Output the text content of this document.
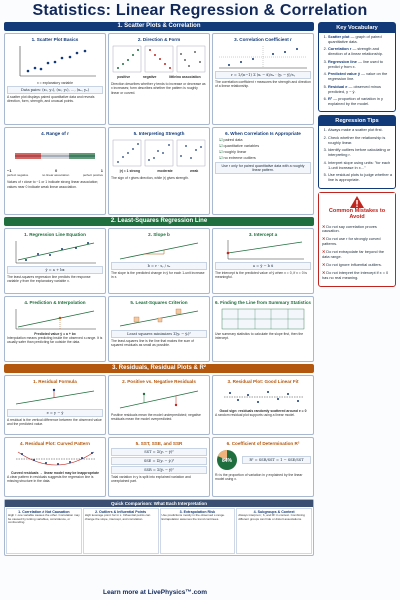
Statistics: Linear Regression & Correlation
1. Scatter Plots & Correlation
1. Scatter Plot Basics
x = explanatory variable
Data pairs: (x₁, y₁), (x₂, y₂), …, (xₙ, yₙ)
A scatter plot displays paired quantitative data and reveals direction, form, strength, and unusual points.
2. Direction & Form
positive	negative	little/no association
Direction describes whether y tends to increase or decrease as x increases; form describes whether the pattern is roughly linear or curved.
3. Correlation Coefficient r
r = 1/(n−1) Σ (xᵢ − x̄)/sₓ · (yᵢ − ȳ)/sᵧ
The correlation coefficient r measures the strength and direction of a linear relationship.
4. Range of r
−1	0	1
perfect negative	no linear association	perfect positive
Values of r close to −1 or 1 indicate strong linear association; values near 0 indicate weak linear association.
5. Interpreting Strength
|r| ≈ 1 strong	moderate	weak
The sign of r gives direction, while |r| gives strength.
6. When Correlation Is Appropriate
☑ paired data
☑ quantitative variables
☑ roughly linear
☑ no extreme outliers
Use r only for paired quantitative data with a roughly linear pattern.
2. Least-Squares Regression Line
1. Regression Line Equation
ŷ = a + bx
The least-squares regression line predicts the response variable y from the explanatory variable x.
2. Slope b
b = r · sᵧ / sₓ
The slope is the predicted change in ŷ for each 1-unit increase in x.
3. Intercept a
a = ȳ − b x̄
The intercept is the predicted value of ŷ when x = 0, if x = 0 is meaningful.
4. Prediction & Interpolation
Predicted value ŷ = a + bx
Interpolation means predicting inside the observed x-range. It is usually safer than predicting far outside the data.
5. Least-Squares Criterion
Least squares minimizes Σ(yᵢ − ŷᵢ)²
The least-squares line is the line that makes the sum of squared residuals as small as possible.
6. Finding the Line from Summary Statistics
Use summary statistics to calculate the slope first, then the intercept.
3. Residuals, Residual Plots & R²
1. Residual Formula
e = y − ŷ
A residual is the vertical difference between the observed value and the predicted value.
2. Positive vs. Negative Residuals
Positive residuals mean the model underpredicted; negative residuals mean the model overpredicted.
3. Residual Plot: Good Linear Fit
Good sign: residuals randomly scattered around e = 0
A random residual plot supports using a linear model.
4. Residual Plot: Curved Pattern
Curved residuals → linear model may be inappropriate
A clear pattern in residuals suggests the regression line is missing structure in the data.
5. SST, SSE, and SSR
SST = Σ(yᵢ − ȳ)²
SSE = Σ(yᵢ − ŷᵢ)²
SSR = Σ(ŷᵢ − ȳ)²
Total variation in y is split into explained variation and unexplained part.
6. Coefficient of Determination R²
84%	R² = SSR/SST = 1 − SSE/SST
R² is the proportion of variation in y explained by the linear model using x.
Quick Comparison: What Each Interpretation
1. Correlation ≠ Not Causation
High r: one variable causes the other. Correlation may be caused by lurking variables, coincidence, or confounding.
2. Outliers & Influential Points
High leverage point: far in x. Influential points can change the slope, intercept, and correlation.
3. Extrapolation Risk
Use predictions mostly in the observed x-range. Extrapolation assumes the trend continues.
4. Subgroups & Context
Always interpret r, b, and R² in context. Combining different groups can hide or distort associations.
Learn more at LivePhysics™.com
Key Vocabulary
1. Scatter plot — graph of paired quantitative data.
2. Correlation r — strength and direction of a linear relationship.
3. Regression line — line used to predict y from x.
4. Predicted value ŷ — value on the regression line.
5. Residual e — observed minus predicted, y − ŷ.
6. R² — proportion of variation in y explained by the model.
Regression Tips
1. Always make a scatter plot first.
2. Check whether the relationship is roughly linear.
3. Identify outliers before calculating or interpreting r.
4. Interpret slope using units: "for each 1-unit increase in x…"
5. Use residual plots to judge whether a line is appropriate.
Common Mistakes to Avoid
✕Do not say correlation proves causation.
✕Do not use r for strongly curved patterns.
✕Do not extrapolate far beyond the data range.
✕Do not ignore influential outliers.
✕Do not interpret the intercept if x = 0 has no real meaning.
